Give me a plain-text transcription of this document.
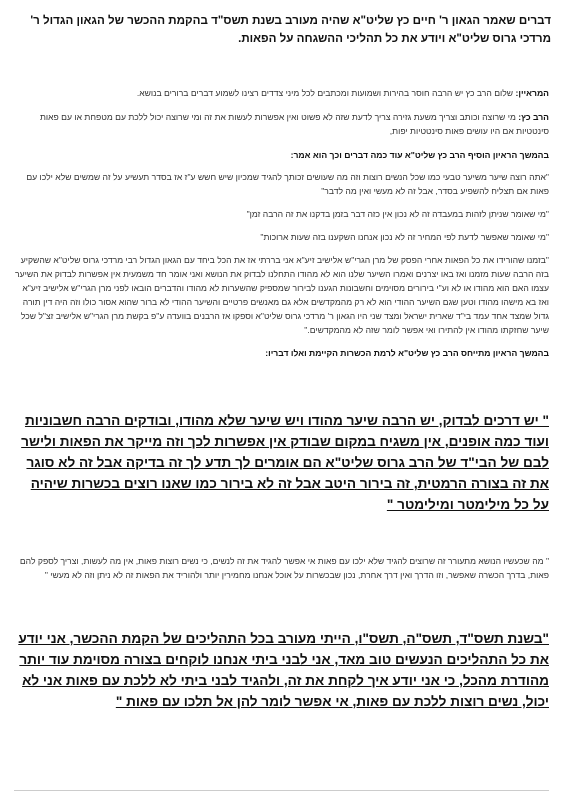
דברים שאמר הגאון ר' חיים כץ שליט"א שהיה מעורב בשנת תשס"ד בהקמת ההכשר של הגאון הגדול ר' מרדכי גרוס שליט"א ויודע את כל תהליכי ההשגחה על הפאות.

המראיין: שלום הרב כץ יש הרבה חוסר בהירות ושמועות ומכתבים לכל מיני צדדים רצינו לשמוע דברים ברורים בנושא.

הרב כץ: מי שרוצה וכותב וצריך משעת גזירה צריך לדעת שזה לא פשוט ואין אפשרות לעשות את זה ומי שרוצה יכול ללכת עם מטפחת או עם פאות סינטטיות אם היו עושים פאות סינטטיות יפות,

בהמשך הראיון הוסיף הרב כץ שליט"א עוד כמה דברים וכך הוא אמר:

"אתה רוצה שיער משיער טבעי כמו שכל הנשים רוצות וזה מה שעושים זכותך להגיד שמכיון שיש חשש ע"ז אז בסדר תעשיע על זה שמשים שלא ילכו עם פאות אם תצליח להשפיע בסדר, אבל זה לא מעשי ואין מה לדבר"

"מי שאומר שניתן לזהות במעבדה זה לא נכון אין כזה דבר בזמן בדקנו את זה הרבה זמן"

"מי שאומר שאפשר לדעת לפי המחיר זה לא נכון אנחנו השקענו בזה שעות ארוכות"

"בזמנו שהורידו את כל הפאות אחרי הפסק של מרן הגרי"ש אלישיב זיע"א אני בררתי אז את הכל ביחד עם הגאון הגדול רבי מרדכי גרוס שליט"א שהשקיע בזה הרבה שעות מזמנו ואז באו יצרנים ואמרו השיער שלנו הוא לא מהודו התחלנו לבדוק את הנושא ואני אומר חד משמעית אין אפשרות לבדוק את השיער עצמו האם הוא מהודו או לא וע"י בירורים מסוימים וחשבונות הגענו לבירור שמספיק שהשערות לא מהודו והדברים הובאו לפני מרן הגרי"ש אלישיב זיע"א ואז בא מישהו מהודו וטען שגם השיער ההודי הוא לא רק מהמקדשים אלא גם מאנשים פרטיים והשיער ההודי לא ברור שהוא אסור כולו וזה היה דין תורה גדול שמצד אחד עמד בי"ד שארית ישראל ומצד שני היו הגאון ר' מרדכי גרוס שליט"א וספקו אז הרבנים בוועדה ע"פ בקשת מרן הגרי"ש אלישיב זצ"ל שכל שיער שחזקתו מהודו אין להתירו ואי אפשר לומר שזה לא מהמקדשים."

בהמשך הראיון מתייחס הרב כץ שליט"א לרמת הכשרות הקיימת ואלו דבריו:

" יש דרכים לבדוק, יש הרבה שיער מהודו ויש שיער שלא מהודו, ובודקים הרבה חשבוניות ועוד כמה אופנים, אין משגיח במקום שבודק אין אפשרות לכך וזה מייקר את הפאות ולישר לבם של הבי"ד של הרב גרוס שליט"א הם אומרים לך תדע לך זה בדיקה אבל זה לא סוגר את זה בצורה הרמטית, זה בירור היטב אבל זה לא בירור כמו שאנו רוצים בכשרות שיהיה על כל מילימטר ומילימטר "

" מה שכעשיו הנושא מתעורר זה שרוצים להגיד שלא ילכו עם פאות אי אפשר להגיד את זה לנשים, כי נשים רוצות פאות, אין מה לעשות, וצריך לספק להם פאות, בדרך הכשרה שאפשר, וזו הדרך ואין דרך אחרת, נכון שבכשרות על אוכל אנחנו מחמירין יותר ולהוריד את הפאות זה לא ניתן וזה לא מעשי "

"בשנת תשס"ד, תשס"ה, תשס"ו, הייתי מעורב בכל התהליכים של הקמת ההכשר, אני יודע את כל התהליכים הנעשים טוב מאד, אני לבני ביתי אנחנו לוקחים בצורה מסוימת עוד יותר מהודרת מהכל, כי אני יודע איך לקחת את זה, ולהגיד לבני ביתי לא ללכת עם פאות אני לא יכול, נשים רוצות ללכת עם פאות, אי אפשר לומר להן אל תלכו עם פאות "
